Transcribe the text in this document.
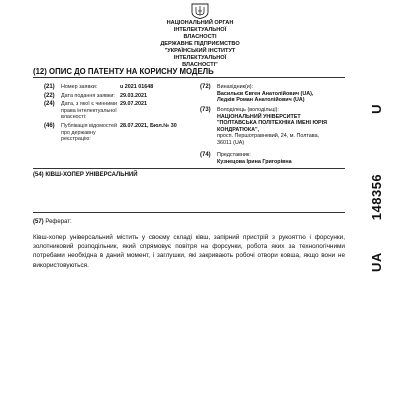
НАЦІОНАЛЬНИЙ ОРГАН
ІНТЕЛЕКТУАЛЬНОЇ
ВЛАСНОСТІ
ДЕРЖАВНЕ ПІДПРИЄМСТВО
"УКРАЇНСЬКИЙ ІНСТИТУТ
ІНТЕЛЕКТУАЛЬНОЇ
ВЛАСНОСТІ"
(12) ОПИС ДО ПАТЕНТУ НА КОРИСНУ МОДЕЛЬ
(21) Номер заявки:	u 2021 01648
(22) Дата подання заявки: 29.03.2021
(24) Дата, з якої є чинними
права інтелектуальної
власності:
29.07.2021
(46) Публікація відомостей
про державну
реєстрацію:
28.07.2021, Бюл.№ 30
(72) Винахідник(и):
Васильєв Євген Анатолійович (UA),
Ледків Роман Анатолійович (UA)
(73) Володілець (володільці):
НАЦІОНАЛЬНИЙ УНІВЕРСИТЕТ
"ПОЛТАВСЬКА ПОЛІТЕХНІКА ІМЕНІ ЮРІЯ
КОНДРАТЮКА",
просп. Першотравневий, 24, м. Полтава,
36011 (UA)
(74) Представник:
Кузнецова Ірина Григорівна
(54) КІВШ-ХОПЕР УНІВЕРСАЛЬНИЙ
(57) Реферат:
Ківш-хопер універсальний містить у своєму складі ківш, запірний пристрій з рукояттю і форсунки, золотниковий розподільник, який спрямовує повітря на форсунки, робота яких за технологічними потребами необхідна в даний момент, і заглушки, які закривають робочі отвори ковша, якщо вони не використовуються.	UA148356U
